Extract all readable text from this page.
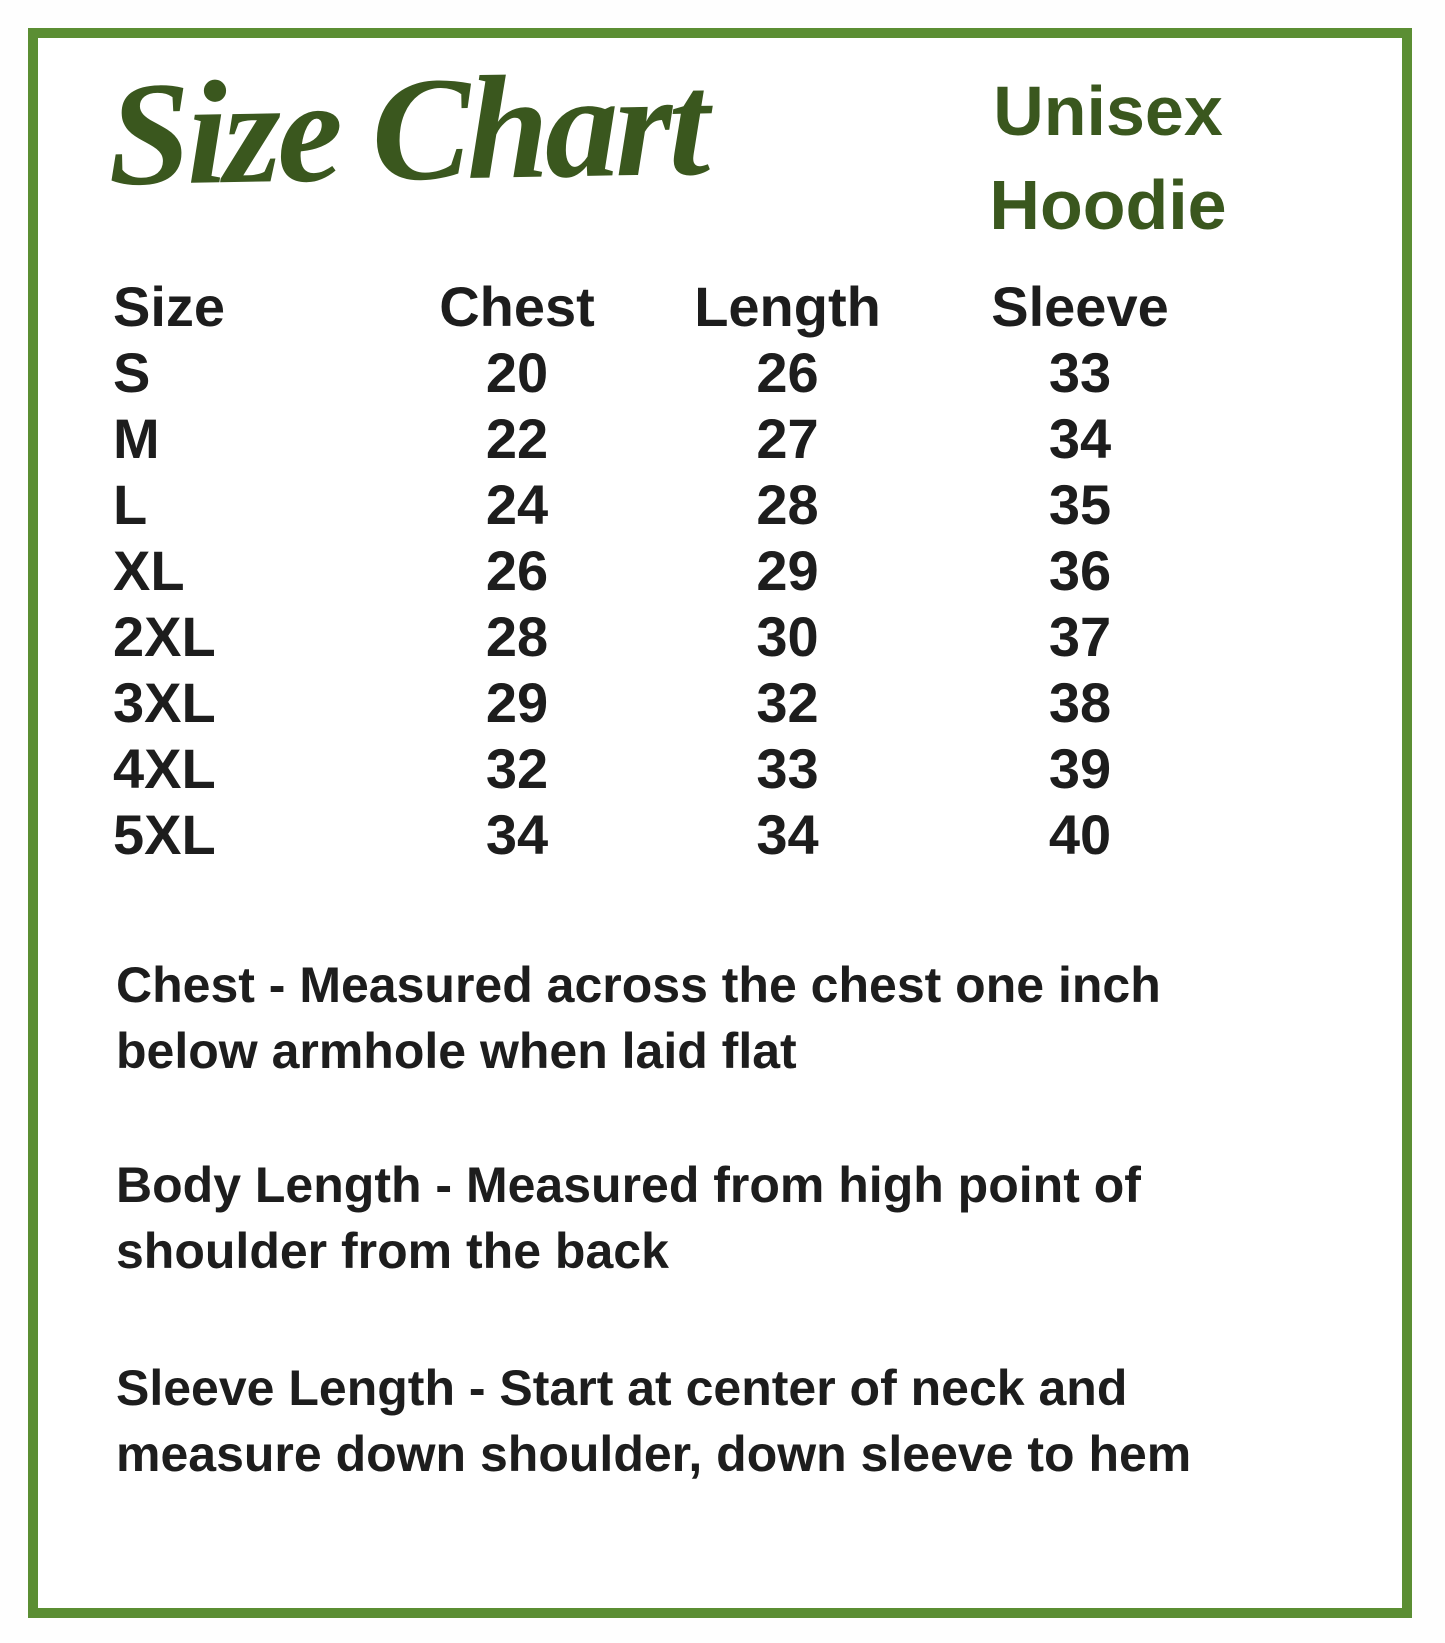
Size Chart	Unisex
Hoodie
Size	Chest	Length	Sleeve
S	20	26	33
M	22	27	34
L	24	28	35
XL	26	29	36
2XL	28	30	37
3XL	29	32	38
4XL	32	33	39
5XL	34	34	40
Chest - Measured across the chest one inch
below armhole when laid flat
Body Length - Measured from high point of
shoulder from the back
Sleeve Length - Start at center of neck and
measure down shoulder, down sleeve to hem
